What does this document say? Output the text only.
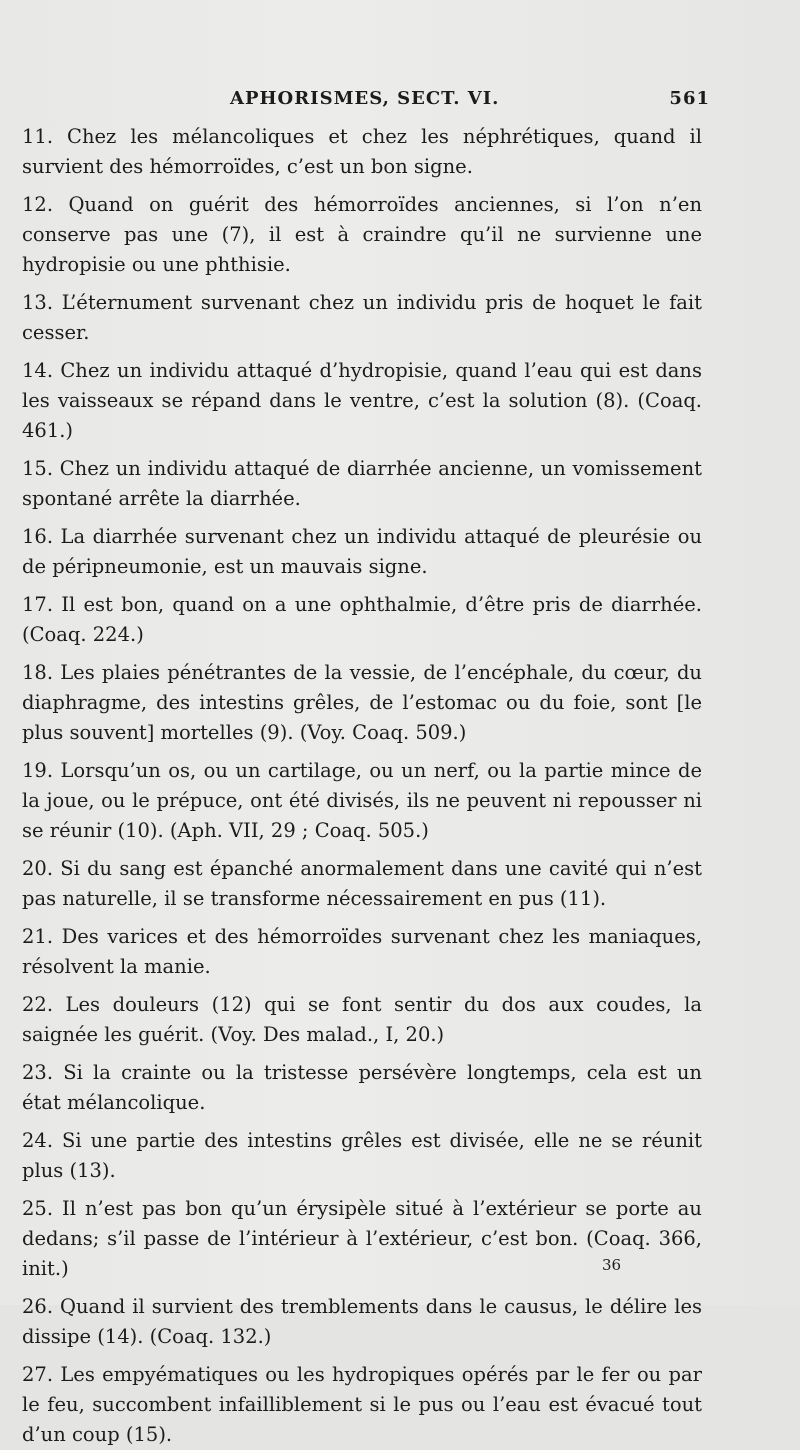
APHORISMES, SECT. VI.	561

11. Chez les mélancoliques et chez les néphrétiques, quand il survient des hémorroïdes, c’est un bon signe.

12. Quand on guérit des hémorroïdes anciennes, si l’on n’en conserve pas une (7), il est à craindre qu’il ne survienne une hydropisie ou une phthisie.

13. L’éternument survenant chez un individu pris de hoquet le fait cesser.

14. Chez un individu attaqué d’hydropisie, quand l’eau qui est dans les vaisseaux se répand dans le ventre, c’est la solution (8). (Coaq. 461.)

15. Chez un individu attaqué de diarrhée ancienne, un vomissement spontané arrête la diarrhée.

16. La diarrhée survenant chez un individu attaqué de pleurésie ou de péripneumonie, est un mauvais signe.

17. Il est bon, quand on a une ophthalmie, d’être pris de diarrhée. (Coaq. 224.)

18. Les plaies pénétrantes de la vessie, de l’encéphale, du cœur, du diaphragme, des intestins grêles, de l’estomac ou du foie, sont [le plus souvent] mortelles (9). (Voy. Coaq. 509.)

19. Lorsqu’un os, ou un cartilage, ou un nerf, ou la partie mince de la joue, ou le prépuce, ont été divisés, ils ne peuvent ni repousser ni se réunir (10). (Aph. VII, 29 ; Coaq. 505.)

20. Si du sang est épanché anormalement dans une cavité qui n’est pas naturelle, il se transforme nécessairement en pus (11).

21. Des varices et des hémorroïdes survenant chez les maniaques, résolvent la manie.

22. Les douleurs (12) qui se font sentir du dos aux coudes, la saignée les guérit. (Voy. Des malad., I, 20.)

23. Si la crainte ou la tristesse persévère longtemps, cela est un état mélancolique.

24. Si une partie des intestins grêles est divisée, elle ne se réunit plus (13).

25. Il n’est pas bon qu’un érysipèle situé à l’extérieur se porte au dedans; s’il passe de l’intérieur à l’extérieur, c’est bon. (Coaq. 366, init.)

26. Quand il survient des tremblements dans le causus, le délire les dissipe (14). (Coaq. 132.)

27. Les empyématiques ou les hydropiques opérés par le fer ou par le feu, succombent infailliblement si le pus ou l’eau est évacué tout d’un coup (15).

36
